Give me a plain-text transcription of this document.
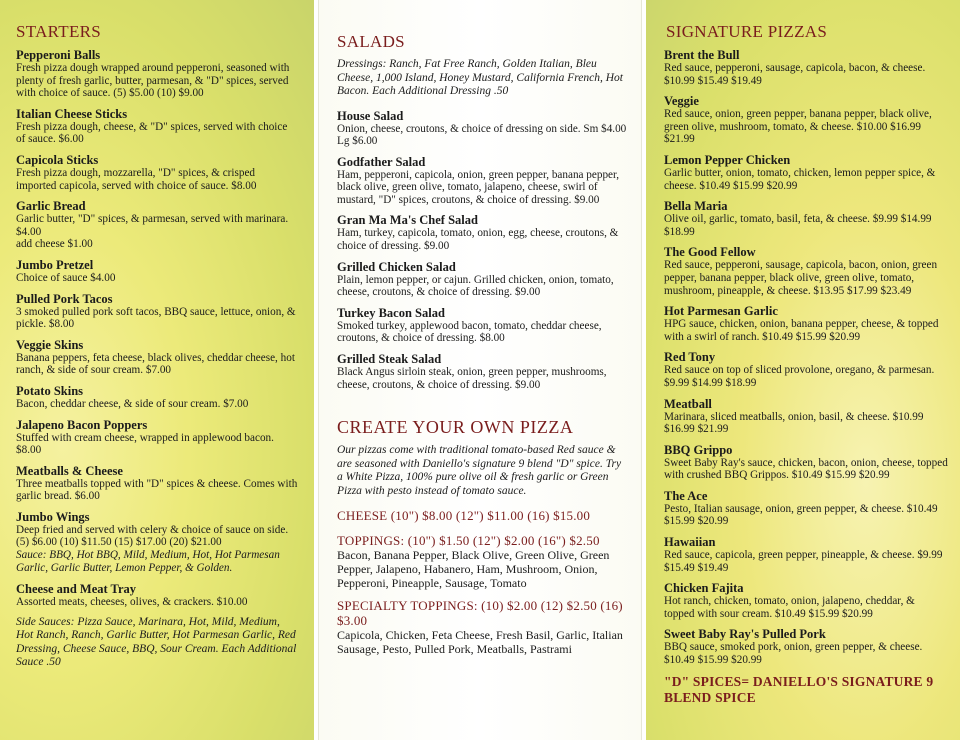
STARTERS
Pepperoni Balls
Fresh pizza dough wrapped around pepperoni, seasoned with plenty of fresh garlic, butter, parmesan, & "D" spices, served with choice of sauce. (5) $5.00 (10) $9.00
Italian Cheese Sticks
Fresh pizza dough, cheese, & "D" spices, served with choice of sauce. $6.00
Capicola Sticks
Fresh pizza dough, mozzarella, "D" spices, & crisped imported capicola, served with choice of sauce. $8.00
Garlic Bread
Garlic butter, "D" spices, & parmesan, served with marinara. $4.00
add cheese $1.00
Jumbo Pretzel
Choice of sauce $4.00
Pulled Pork Tacos
3 smoked pulled pork soft tacos, BBQ sauce, lettuce, onion, & pickle. $8.00
Veggie Skins
Banana peppers, feta cheese, black olives, cheddar cheese, hot ranch, & side of sour cream. $7.00
Potato Skins
Bacon, cheddar cheese, & side of sour cream. $7.00
Jalapeno Bacon Poppers
Stuffed with cream cheese, wrapped in applewood bacon. $8.00
Meatballs & Cheese
Three meatballs topped with "D" spices & cheese. Comes with garlic bread. $6.00
Jumbo Wings
Deep fried and served with celery & choice of sauce on side. (5) $6.00 (10) $11.50 (15) $17.00 (20) $21.00
Sauce: BBQ, Hot BBQ, Mild, Medium, Hot, Hot Parmesan Garlic, Garlic Butter, Lemon Pepper, & Golden.
Cheese and Meat Tray
Assorted meats, cheeses, olives, & crackers. $10.00
Side Sauces: Pizza Sauce, Marinara, Hot, Mild, Medium, Hot Ranch, Ranch, Garlic Butter, Hot Parmesan Garlic, Red Dressing, Cheese Sauce, BBQ, Sour Cream. Each Additional Sauce .50
SALADS
Dressings: Ranch, Fat Free Ranch, Golden Italian, Bleu Cheese, 1,000 Island, Honey Mustard, California French, Hot Bacon. Each Additional Dressing .50
House Salad
Onion, cheese, croutons, & choice of dressing on side. Sm $4.00 Lg $6.00
Godfather Salad
Ham, pepperoni, capicola, onion, green pepper, banana pepper, black olive, green olive, tomato, jalapeno, cheese, swirl of mustard, "D" spices, croutons, & choice of dressing. $9.00
Gran Ma Ma's Chef Salad
Ham, turkey, capicola, tomato, onion, egg, cheese, croutons, & choice of dressing. $9.00
Grilled Chicken Salad
Plain, lemon pepper, or cajun. Grilled chicken, onion, tomato, cheese, croutons, & choice of dressing. $9.00
Turkey Bacon Salad
Smoked turkey, applewood bacon, tomato, cheddar cheese, croutons, & choice of dressing. $8.00
Grilled Steak Salad
Black Angus sirloin steak, onion, green pepper, mushrooms, cheese, croutons, & choice of dressing. $9.00
CREATE YOUR OWN PIZZA
Our pizzas come with traditional tomato-based Red sauce & are seasoned with Daniello's signature 9 blend "D" spice. Try a White Pizza, 100% pure olive oil & fresh garlic or Green Pizza with pesto instead of tomato sauce.
CHEESE (10") $8.00 (12") $11.00 (16) $15.00
TOPPINGS: (10") $1.50 (12") $2.00 (16") $2.50
Bacon, Banana Pepper, Black Olive, Green Olive, Green Pepper, Jalapeno, Habanero, Ham, Mushroom, Onion, Pepperoni, Pineapple, Sausage, Tomato
SPECIALTY TOPPINGS: (10) $2.00 (12) $2.50 (16) $3.00
Capicola, Chicken, Feta Cheese, Fresh Basil, Garlic, Italian Sausage, Pesto, Pulled Pork, Meatballs, Pastrami
SIGNATURE PIZZAS
Brent the Bull
Red sauce, pepperoni, sausage, capicola, bacon, & cheese. $10.99 $15.49 $19.49
Veggie
Red sauce, onion, green pepper, banana pepper, black olive, green olive, mushroom, tomato, & cheese. $10.00 $16.99 $21.99
Lemon Pepper Chicken
Garlic butter, onion, tomato, chicken, lemon pepper spice, & cheese. $10.49 $15.99 $20.99
Bella Maria
Olive oil, garlic, tomato, basil, feta, & cheese. $9.99 $14.99 $18.99
The Good Fellow
Red sauce, pepperoni, sausage, capicola, bacon, onion, green pepper, banana pepper, black olive, green olive, tomato, mushroom, pineapple, & cheese. $13.95 $17.99 $23.49
Hot Parmesan Garlic
HPG sauce, chicken, onion, banana pepper, cheese, & topped with a swirl of ranch. $10.49 $15.99 $20.99
Red Tony
Red sauce on top of sliced provolone, oregano, & parmesan. $9.99 $14.99 $18.99
Meatball
Marinara, sliced meatballs, onion, basil, & cheese. $10.99 $16.99 $21.99
BBQ Grippo
Sweet Baby Ray's sauce, chicken, bacon, onion, cheese, topped with crushed BBQ Grippos. $10.49 $15.99 $20.99
The Ace
Pesto, Italian sausage, onion, green pepper, & cheese. $10.49 $15.99 $20.99
Hawaiian
Red sauce, capicola, green pepper, pineapple, & cheese. $9.99 $15.49 $19.49
Chicken Fajita
Hot ranch, chicken, tomato, onion, jalapeno, cheddar, & topped with sour cream. $10.49 $15.99 $20.99
Sweet Baby Ray's Pulled Pork
BBQ sauce, smoked pork, onion, green pepper, & cheese. $10.49 $15.99 $20.99
"D" SPICES= DANIELLO'S SIGNATURE 9 BLEND SPICE
